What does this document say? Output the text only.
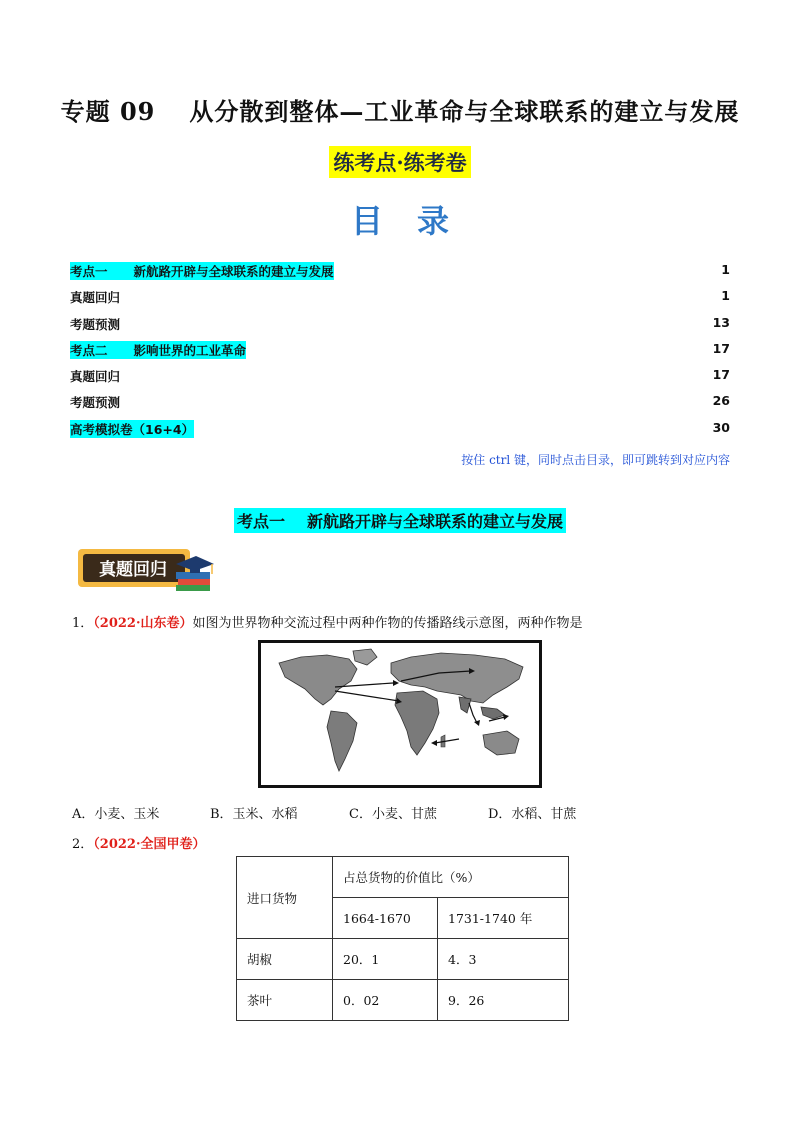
专题 09 从分散到整体—工业革命与全球联系的建立与发展
练考点·练考卷
目录
考点一 新航路开辟与全球联系的建立与发展	1
真题回归	1
考题预测	13
考点二 影响世界的工业革命	17
真题回归	17
考题预测	26
高考模拟卷（16+4）	30
按住 ctrl 键，同时点击目录，即可跳转到对应内容
考点一 新航路开辟与全球联系的建立与发展
真题回归
1．（2022·山东卷）如图为世界物种交流过程中两种作物的传播路线示意图，两种作物是
A．小麦、玉米	B．玉米、水稻	C．小麦、甘蔗	D．水稻、甘蔗
2．（2022·全国甲卷）
进口货物	占总货物的价值比（%）	
	1664-1670	1731-1740 年
胡椒	20．1	4．3
茶叶	0．02	9．26
